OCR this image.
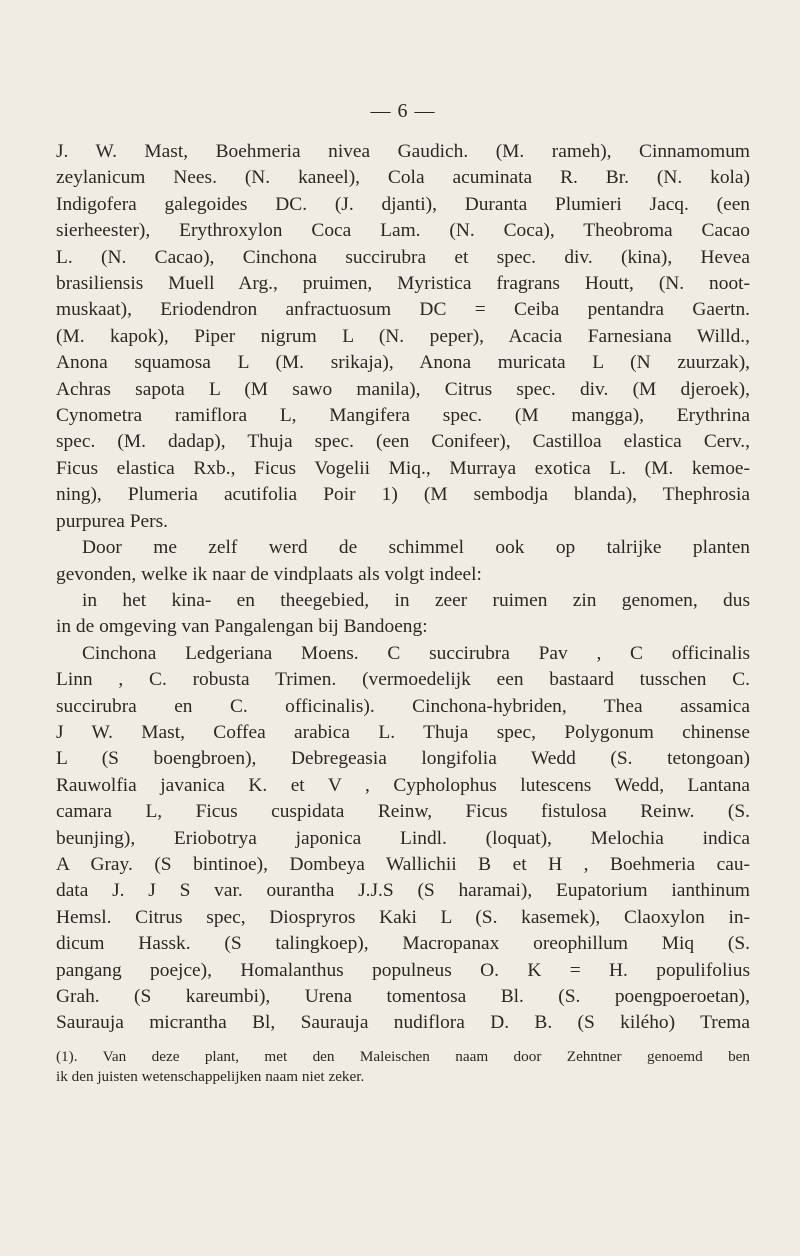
— 6 —
J. W. Mast, Boehmeria nivea Gaudich. (M. rameh), Cinnamomum
zeylanicum Nees. (N. kaneel), Cola acuminata R. Br. (N. kola)
Indigofera galegoides DC. (J. djanti), Duranta Plumieri Jacq. (een
sierheester), Erythroxylon Coca Lam. (N. Coca), Theobroma Cacao
L. (N. Cacao), Cinchona succirubra et spec. div. (kina), Hevea
brasiliensis Muell Arg., pruimen, Myristica fragrans Houtt, (N. noot-
muskaat), Eriodendron anfractuosum DC = Ceiba pentandra Gaertn.
(M. kapok), Piper nigrum L (N. peper), Acacia Farnesiana Willd.,
Anona squamosa L (M. srikaja), Anona muricata L (N zuurzak),
Achras sapota L (M sawo manila), Citrus spec. div. (M djeroek),
Cynometra ramiflora L, Mangifera spec. (M mangga), Erythrina
spec. (M. dadap), Thuja spec. (een Conifeer), Castilloa elastica Cerv.,
Ficus elastica Rxb., Ficus Vogelii Miq., Murraya exotica L. (M. kemoe-
ning), Plumeria acutifolia Poir 1) (M sembodja blanda), Thephrosia
purpurea Pers.
Door me zelf werd de schimmel ook op talrijke planten
gevonden, welke ik naar de vindplaats als volgt indeel:
in het kina- en theegebied, in zeer ruimen zin genomen, dus
in de omgeving van Pangalengan bij Bandoeng:
Cinchona Ledgeriana Moens. C succirubra Pav , C officinalis
Linn , C. robusta Trimen. (vermoedelijk een bastaard tusschen C.
succirubra en C. officinalis). Cinchona-hybriden, Thea assamica
J W. Mast, Coffea arabica L. Thuja spec, Polygonum chinense
L (S boengbroen), Debregeasia longifolia Wedd (S. tetongoan)
Rauwolfia javanica K. et V , Cypholophus lutescens Wedd, Lantana
camara L, Ficus cuspidata Reinw, Ficus fistulosa Reinw. (S.
beunjing), Eriobotrya japonica Lindl. (loquat), Melochia indica
A Gray. (S bintinoe), Dombeya Wallichii B et H , Boehmeria cau-
data J. J S var. ourantha J.J.S (S haramai), Eupatorium ianthinum
Hemsl. Citrus spec, Diospryros Kaki L (S. kasemek), Claoxylon in-
dicum Hassk. (S talingkoep), Macropanax oreophillum Miq (S.
pangang poejce), Homalanthus populneus O. K = H. populifolius
Grah. (S kareumbi), Urena tomentosa Bl. (S. poengpoeroetan),
Saurauja micrantha Bl, Saurauja nudiflora D. B. (S kilého) Trema
(1). Van deze plant, met den Maleischen naam door Zehntner genoemd ben
ik den juisten wetenschappelijken naam niet zeker.
